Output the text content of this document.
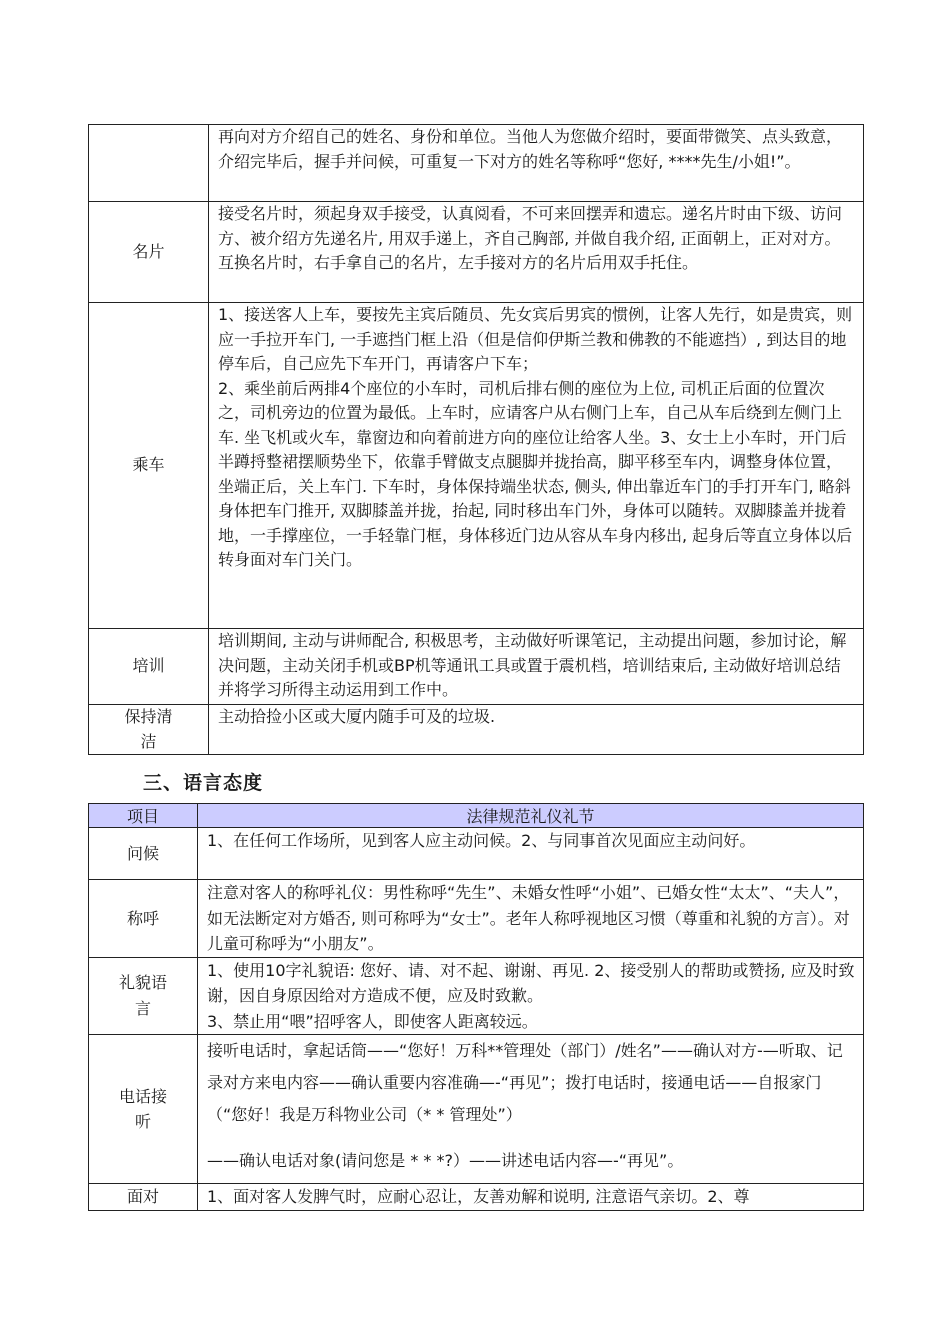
	再向对方介绍自己的姓名、身份和单位。当他人为您做介绍时，要面带微笑、点头致意，介绍完毕后，握手并问候，可重复一下对方的姓名等称呼“您好, ****先生/小姐!”。
名片	接受名片时，须起身双手接受，认真阅看，不可来回摆弄和遗忘。递名片时由下级、访问方、被介绍方先递名片, 用双手递上，齐自己胸部, 并做自我介绍, 正面朝上，正对对方。互换名片时，右手拿自己的名片，左手接对方的名片后用双手托住。
乘车	1、接送客人上车，要按先主宾后随员、先女宾后男宾的惯例，让客人先行，如是贵宾，则应一手拉开车门, 一手遮挡门框上沿（但是信仰伊斯兰教和佛教的不能遮挡）, 到达目的地停车后，自己应先下车开门，再请客户下车；
2、乘坐前后两排4个座位的小车时，司机后排右侧的座位为上位, 司机正后面的位置次之，司机旁边的位置为最低。上车时，应请客户从右侧门上车，自己从车后绕到左侧门上车. 坐飞机或火车，靠窗边和向着前进方向的座位让给客人坐。3、女士上小车时，开门后半蹲捋整裙摆顺势坐下，依靠手臂做支点腿脚并拢抬高，脚平移至车内，调整身体位置，坐端正后，关上车门. 下车时，身体保持端坐状态, 侧头, 伸出靠近车门的手打开车门, 略斜身体把车门推开, 双脚膝盖并拢，抬起, 同时移出车门外，身体可以随转。双脚膝盖并拢着地，一手撑座位，一手轻靠门框，身体移近门边从容从车身内移出, 起身后等直立身体以后转身面对车门关门。

培训	培训期间, 主动与讲师配合, 积极思考，主动做好听课笔记，主动提出问题，参加讨论，解决问题，主动关闭手机或BP机等通讯工具或置于震机档，培训结束后, 主动做好培训总结并将学习所得主动运用到工作中。
保持清洁	主动拾捡小区或大厦内随手可及的垃圾.
三、语言态度
项目	法律规范礼仪礼节
问候	1、在任何工作场所，见到客人应主动问候。2、与同事首次见面应主动问好。
称呼	注意对客人的称呼礼仪：男性称呼“先生”、未婚女性呼“小姐”、已婚女性“太太”、“夫人”，如无法断定对方婚否, 则可称呼为“女士”。老年人称呼视地区习惯（尊重和礼貌的方言）。对儿童可称呼为“小朋友”。
礼貌语言	1、使用10字礼貌语: 您好、请、对不起、谢谢、再见. 2、接受别人的帮助或赞扬, 应及时致谢，因自身原因给对方造成不便，应及时致歉。
3、禁止用“喂”招呼客人，即使客人距离较远。

电话接听	接听电话时，拿起话筒——“您好！万科**管理处（部门）/姓名”——确认对方-—听取、记录对方来电内容——确认重要内容准确—-“再见”；拨打电话时，接通电话——自报家门（“您好！我是万科物业公司（* * 管理处”）
——确认电话对象(请问您是 * * *?）——讲述电话内容—-“再见”。

面对	1、面对客人发脾气时，应耐心忍让，友善劝解和说明, 注意语气亲切。2、尊
